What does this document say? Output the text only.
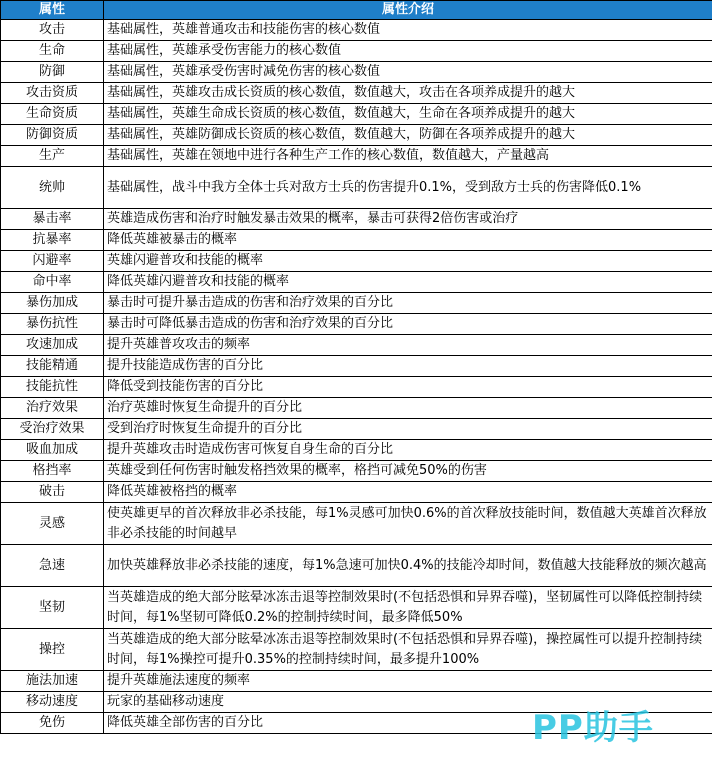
属性	属性介绍
攻击	基础属性，英雄普通攻击和技能伤害的核心数值
生命	基础属性，英雄承受伤害能力的核心数值
防御	基础属性，英雄承受伤害时减免伤害的核心数值
攻击资质	基础属性，英雄攻击成长资质的核心数值，数值越大，攻击在各项养成提升的越大
生命资质	基础属性，英雄生命成长资质的核心数值，数值越大，生命在各项养成提升的越大
防御资质	基础属性，英雄防御成长资质的核心数值，数值越大，防御在各项养成提升的越大
生产	基础属性，英雄在领地中进行各种生产工作的核心数值，数值越大，产量越高
统帅	基础属性，战斗中我方全体士兵对敌方士兵的伤害提升0.1%，受到敌方士兵的伤害降低0.1%
暴击率	英雄造成伤害和治疗时触发暴击效果的概率，暴击可获得2倍伤害或治疗
抗暴率	降低英雄被暴击的概率
闪避率	英雄闪避普攻和技能的概率
命中率	降低英雄闪避普攻和技能的概率
暴伤加成	暴击时可提升暴击造成的伤害和治疗效果的百分比
暴伤抗性	暴击时可降低暴击造成的伤害和治疗效果的百分比
攻速加成	提升英雄普攻攻击的频率
技能精通	提升技能造成伤害的百分比
技能抗性	降低受到技能伤害的百分比
治疗效果	治疗英雄时恢复生命提升的百分比
受治疗效果	受到治疗时恢复生命提升的百分比
吸血加成	提升英雄攻击时造成伤害可恢复自身生命的百分比
格挡率	英雄受到任何伤害时触发格挡效果的概率，格挡可减免50%的伤害
破击	降低英雄被格挡的概率
灵感	使英雄更早的首次释放非必杀技能，每1%灵感可加快0.6%的首次释放技能时间，数值越大英雄首次释放非必杀技能的时间越早
急速	加快英雄释放非必杀技能的速度，每1%急速可加快0.4%的技能冷却时间，数值越大技能释放的频次越高
坚韧	当英雄造成的绝大部分眩晕冰冻击退等控制效果时(不包括恐惧和异界吞噬)，坚韧属性可以降低控制持续时间，每1%坚韧可降低0.2%的控制持续时间，最多降低50%
操控	当英雄造成的绝大部分眩晕冰冻击退等控制效果时(不包括恐惧和异界吞噬)，操控属性可以提升控制持续时间，每1%操控可提升0.35%的控制持续时间，最多提升100%
施法加速	提升英雄施法速度的频率
移动速度	玩家的基础移动速度
免伤	降低英雄全部伤害的百分比	PP助手
